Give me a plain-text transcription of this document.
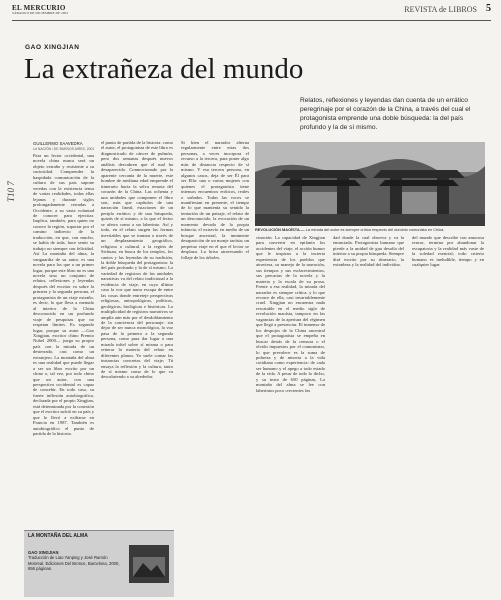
EL MERCURIO
SÁBADO 8 DE DICIEMBRE DE 2001	REVISTA de LIBROS 5
GAO XINGJIAN
La extrañeza del mundo
Relatos, reflexiones y leyendas dan cuenta de un errático peregrinaje por el corazón de la China, a través del cual el protagonista emprende una doble búsqueda: la del país profundo y la de sí mismo.
T10 7
GUILLERMO SAAVEDRA
LA NACIÓN / DE BUENOS AIRES, 2001
Para un lector occidental, una novela china nunca será un objeto extraño y resistente a su curiosidad. Comprender la haspidada comunicación de la cultura de sus pais supone veredas con la existencia tensa de varias realidades, todas ellas lejanas y durante siglos prolongadamente cerradas a Occidente, a su vasta voluntad de conocer para ejercitar. Implica, también, para quien no conoce la región, soportar por el camino indirecto de la traducción, en que, con mucho, se había de toda, hace sentir su trabajo no siempre con felicidad. Así La montaña del alma, la vanguardia de su autor, es una novela para los que a un primer lugar, porque este libro no es una novela sino un conjunto de relatos, reflexiones y leyendas después del escritor va sobre la primera y la segunda persona, el protagonista de un viaje extraño, es decir, lo que lleva a menudo al interior de la China desconocida en un profundo viaje de pesquisas que no respetan límites. Es segundo lugar, porque su autor —Gao Xingjian, escritor chino Premio Nobel 2000— juega su propio país con la mirada de un desterrado, casi como un extranjero. La montaña del alma es una realidad que puede llegar a ser un libro escrito por un chino o, tal vez, por todo chino que un autor, con una perspectiva occidental es capaz de concebir. En todo caso, su fuerte inflexión autobiográfica, declarada por el propio Xingjian, está determinada por la conexión que el escritor sufrió en su país y que lo llevó a exiliarse en Francia en 1987. También es autobiográfico el punto de partida de la historia.
el punto de partida de la historia: como el autor, el protagonista de este libro es diagnosticado de cáncer de pulmón, pero dos semanas después nuevos análisis descubren que el mal ha desaparecido. Conmocionado por la aparente cercanía de la muerte, este hombre de mediana edad emprende el itinerario hacia la selva remota del corazón de la China. Las ochenta y una unidades que componen el libro son, más que capítulos de una narración lineal, estaciones de un periplo errático y de una búsqueda, quizás de sí mismo, a la que el lector se aferra como a un laberinto. Así y todo, en el relato surgen las formas inevitables que se traman a través de un desplazamiento geográfico, religioso o cultural, a la región de Sichuan, en busca de los templos, los cantos y las leyendas de su tradición, la doble búsqueda del protagonista: la del país profundo y la de sí mismo. La variedad de registros de las unidades narrativas va del relato tradicional a la evidencia de viaje, en cuyo último caso la voz que narra escapa de entre las cosas donde entreteje perspectivas religiosas, antropológicas, políticas, geológicas, biológicas e históricas. La multiplicidad de registros narrativos se amplía aún más por el desdoblamiento de la conciencia del personaje: sin dejar de ser nunca monológica, la voz pasa de la primera a la segunda persona, como para dar lugar a una mirada infiel sobre sí misma o para reiterar la materia del relato en diferentes planos. Yo suele contar las instancias concretas del viaje; Tú ensaya la reflexión y la cultura, tanto de sí mismo como de lo que va descubriendo a su alrededor.
Si bien el narrador alterna regularmente entre estas dos personas, a veces incorpora el recurso a la tercera, para poner algo más de distancia respecto de sí mismo. Y esa tercera persona, en algunos casos, deja de ser Él para ser Ella: una o varias mujeres con quienes el protagonista tiene intensos encuentros eróticos, reales o soñados. Todas las voces se manifiestan en presente, el tiempo de lo que mantenía su sentido la tentación de un paisaje, el relato de un desconocido, la evocación de un momento devado de la propia infancia, el extravío en medio de un bosque ancestral, la inminente desaparición de un monje taoísta; un perpetuo viaje en el que el lector se desplaza. La brisa atravesando el follaje de los árboles.
REVOLUCIÓN MAOÍSTA.— La mirada del autor es siempre crítica respecto del dominio comunista en China.
cinación. La capacidad de Xingjian para convertir en epifanía los accidentes del viaje, el acción humor que le inspiran a la incierta experiencia de los pueblos que atraviesa, su manejo de la narración, sus tiempos y sus esclarecimientos, sus precarias de la novela y la materia y la escala de su prosa. Frente a esa realidad, la mirada del narrador es siempre crítica, y lo que recorre de ella, casi invariablemente cruel. Xingjian no encuentra nada rescatable en el medio siglo de revolución maoísta, tampoco en las vagancias de la apertura del régimen que llegó a presenciar. El inmenso de los despojos de la China ancestral que el protagonista se empeña en buscar detrás de la censura o el olvido impuestos por el comunismo, lo que prevalece es la suma de pobreza y de miseria a la vida cotidiana como experiencia: de cada ser humano y el apego a todo estado de la vida. A pesar de todo lo dicho, y su texto de 650 páginas, La montaña del alma se lee con laberintos poco crecientes fas
dad donde la cual observa y va la enunciada. Protagonista humano que pierde a la unidad de gua desafía del interior a su propia búsqueda. Siempre dirá escrito por su itinerario, la extrañeza y la realidad del individuo.
del mundo que describe con amorosa rencor, termina por abandonar la escapatoria y la realidad más vaste de la soledad esencial; todo criterio humano es ineludible, tiempo y en cualquier lugar.
LA MONTAÑA DEL ALMA
GAO XINGJIAN
Traducción de Liao Yanping y José Ramón Monreal. Ediciones Del Bronce, Barcelona, 2000, 656 páginas.
